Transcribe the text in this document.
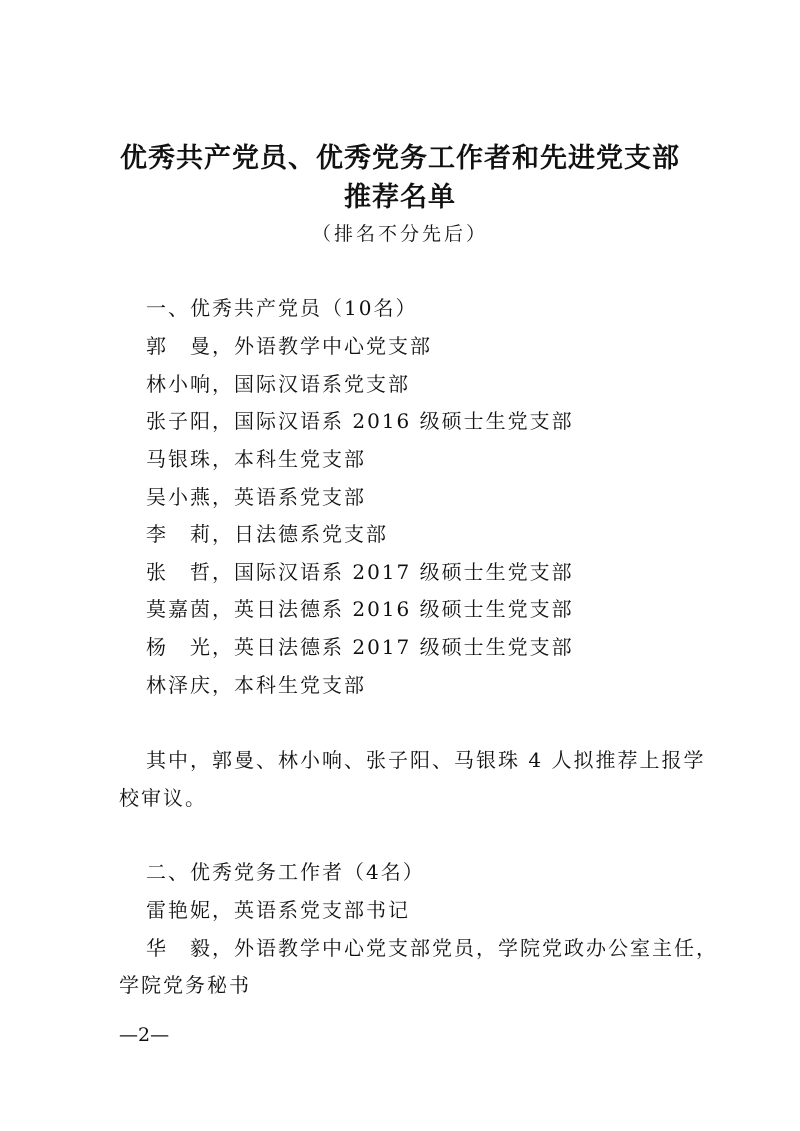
优秀共产党员、优秀党务工作者和先进党支部
推荐名单
（排名不分先后）
一、优秀共产党员（10名）
郭　曼，外语教学中心党支部
林小响，国际汉语系党支部
张子阳，国际汉语系 2016 级硕士生党支部
马银珠，本科生党支部
吴小燕，英语系党支部
李　莉，日法德系党支部
张　哲，国际汉语系 2017 级硕士生党支部
莫嘉茵，英日法德系 2016 级硕士生党支部
杨　光，英日法德系 2017 级硕士生党支部
林泽庆，本科生党支部
其中，郭曼、林小响、张子阳、马银珠 4 人拟推荐上报学
校审议。
二、优秀党务工作者（4名）
雷艳妮，英语系党支部书记
华　毅，外语教学中心党支部党员，学院党政办公室主任，
学院党务秘书
—2—
